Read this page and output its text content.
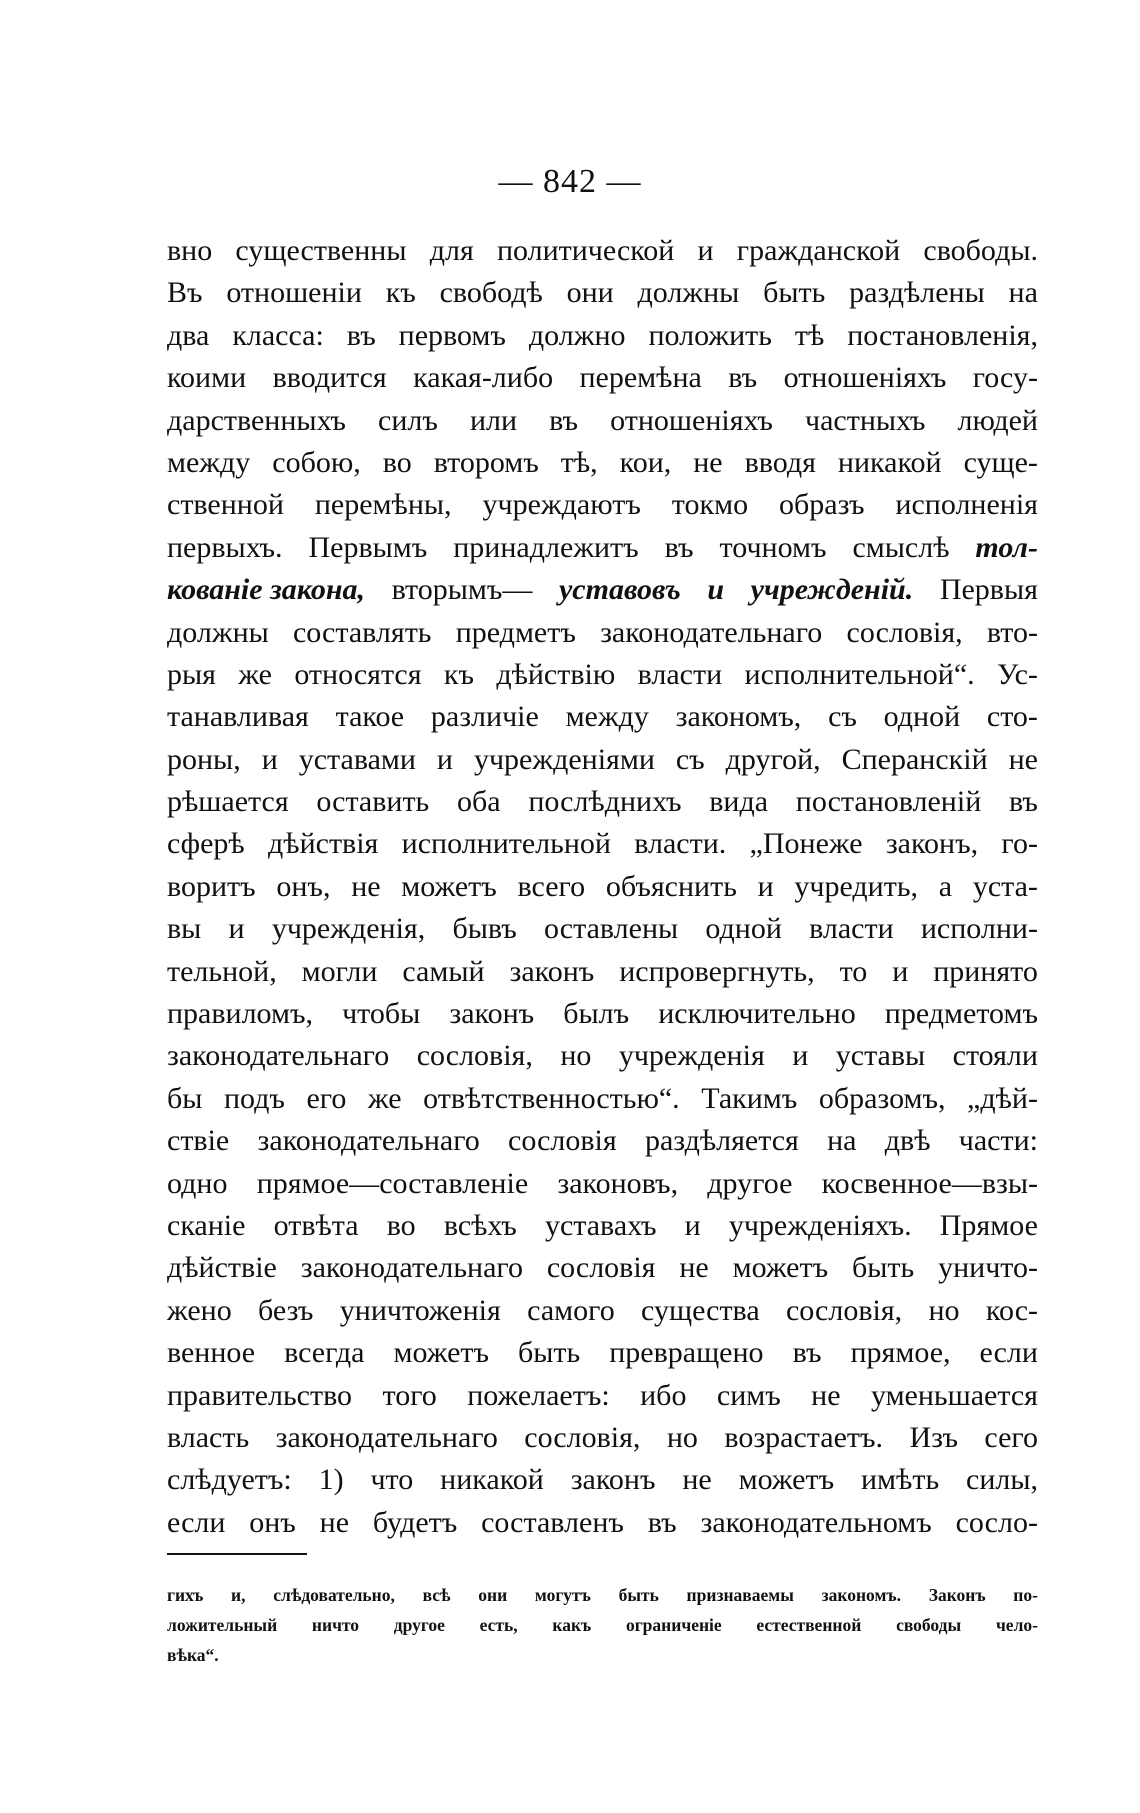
— 842 —
вно существенны для политической и гражданской свободы.
Въ отношеніи къ свободѣ они должны быть раздѣлены на
два класса: въ первомъ должно положить тѣ постановленія,
коими вводится какая-либо перемѣна въ отношеніяхъ госу-
дарственныхъ силъ или въ отношеніяхъ частныхъ людей
между собою, во второмъ тѣ, кои, не вводя никакой суще-
ственной перемѣны, учреждаютъ токмо образъ исполненія
первыхъ. Первымъ принадлежитъ въ точномъ смыслѣ тол-
кованіе закона, вторымъ— уставовъ и учрежденій. Первыя
должны составлять предметъ законодательнаго сословія, вто-
рыя же относятся къ дѣйствію власти исполнительной“. Ус-
танавливая такое различіе между закономъ, съ одной сто-
роны, и уставами и учрежденіями съ другой, Сперанскій не
рѣшается оставить оба послѣднихъ вида постановленій въ
сферѣ дѣйствія исполнительной власти. „Понеже законъ, го-
воритъ онъ, не можетъ всего объяснить и учредить, а уста-
вы и учрежденія, бывъ оставлены одной власти исполни-
тельной, могли самый законъ испровергнуть, то и принято
правиломъ, чтобы законъ былъ исключительно предметомъ
законодательнаго сословія, но учрежденія и уставы стояли
бы подъ его же отвѣтственностью“. Такимъ образомъ, „дѣй-
ствіе законодательнаго сословія раздѣляется на двѣ части:
одно прямое—составленіе законовъ, другое косвенное—взы-
сканіе отвѣта во всѣхъ уставахъ и учрежденіяхъ. Прямое
дѣйствіе законодательнаго сословія не можетъ быть уничто-
жено безъ уничтоженія самого существа сословія, но кос-
венное всегда можетъ быть превращено въ прямое, если
правительство того пожелаетъ: ибо симъ не уменьшается
власть законодательнаго сословія, но возрастаетъ. Изъ сего
слѣдуетъ: 1) что никакой законъ не можетъ имѣть силы,
если онъ не будетъ составленъ въ законодательномъ сосло-
гихъ и, слѣдовательно, всѣ они могутъ быть признаваемы закономъ. Законъ по-
ложительный ничто другое есть, какъ ограниченіе естественной свободы чело-
вѣка“.
